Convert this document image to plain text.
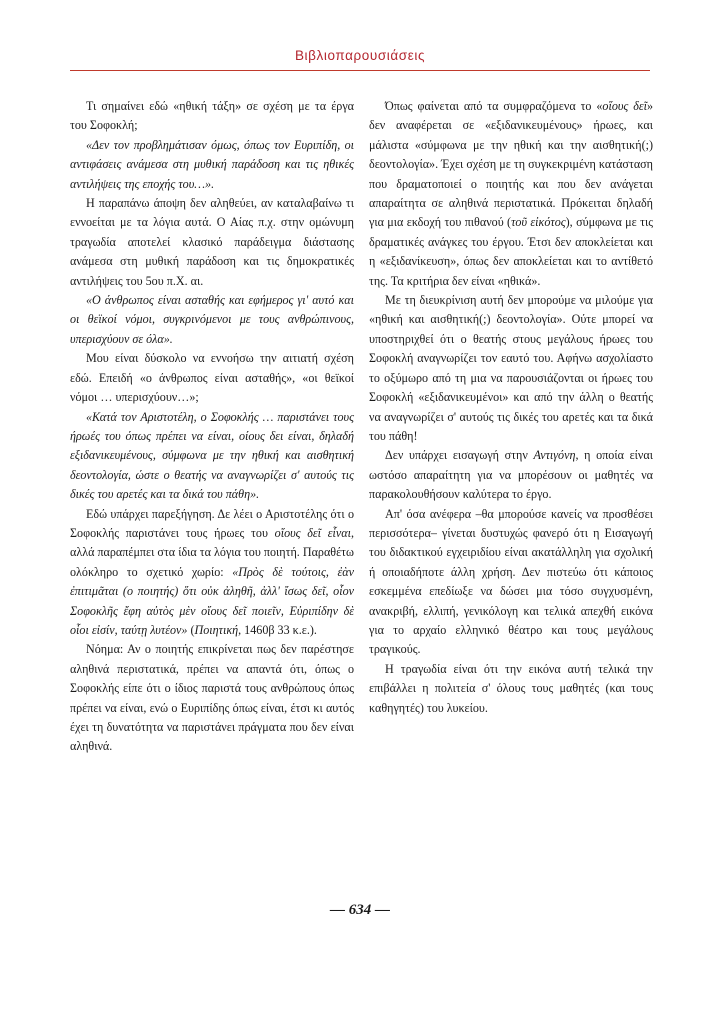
Βιβλιοπαρουσιάσεις

Τι σημαίνει εδώ «ηθική τάξη» σε σχέση με τα έργα του Σοφοκλή;

«Δεν τον προβλημάτισαν όμως, όπως τον Ευριπίδη, οι αντιφάσεις ανάμεσα στη μυθική παράδοση και τις ηθικές αντιλήψεις της εποχής του…».

Η παραπάνω άποψη δεν αληθεύει, αν καταλαβαίνω τι εννοείται με τα λόγια αυτά. Ο Αίας π.χ. στην ομώνυμη τραγωδία αποτελεί κλασικό παράδειγμα διάστασης ανάμεσα στη μυθική παράδοση και τις δημοκρατικές αντιλήψεις του 5ου π.Χ. αι.

«Ο άνθρωπος είναι ασταθής και εφήμερος γι' αυτό και οι θεϊκοί νόμοι, συγκρινόμενοι με τους ανθρώπινους, υπερισχύουν σε όλα».

Μου είναι δύσκολο να εννοήσω την αιτιατή σχέση εδώ. Επειδή «ο άνθρωπος είναι ασταθής», «οι θεϊκοί νόμοι … υπερισχύουν…»;

«Κατά τον Αριστοτέλη, ο Σοφοκλής … παριστάνει τους ήρωές του όπως πρέπει να είναι, οίους δει είναι, δηλαδή εξιδανικευμένους, σύμφωνα με την ηθική και αισθητική δεοντολογία, ώστε ο θεατής να αναγνωρίζει σ' αυτούς τις δικές του αρετές και τα δικά του πάθη».

Εδώ υπάρχει παρεξήγηση. Δε λέει ο Αριστοτέλης ότι ο Σοφοκλής παριστάνει τους ήρωες του οἵους δεῖ εἶναι, αλλά παραπέμπει στα ίδια τα λόγια του ποιητή. Παραθέτω ολόκληρο το σχετικό χωρίο: «Πρὸς δὲ τούτοις, ἐὰν ἐπιτιμᾶται (ο ποιητής) ὅτι οὐκ ἀληθῆ, ἀλλ' ἴσως δεῖ, οἷον Σοφοκλῆς ἔφη αὐτὸς μὲν οἵους δεῖ ποιεῖν, Εὐριπίδην δὲ οἷοι εἰσίν, ταύτῃ λυτέον» (Ποιητική, 1460β 33 κ.ε.).

Νόημα: Αν ο ποιητής επικρίνεται πως δεν παρέστησε αληθινά περιστατικά, πρέπει να απαντά ότι, όπως ο Σοφοκλής είπε ότι ο ίδιος παριστά τους ανθρώπους όπως πρέπει να είναι, ενώ ο Ευριπίδης όπως είναι, έτσι κι αυτός έχει τη δυνατότητα να παριστάνει πράγματα που δεν είναι αληθινά.

Όπως φαίνεται από τα συμφραζόμενα το «οἵους δεῖ» δεν αναφέρεται σε «εξιδανικευμένους» ήρωες, και μάλιστα «σύμφωνα με την ηθική και την αισθητική(;) δεοντολογία». Έχει σχέση με τη συγκεκριμένη κατάσταση που δραματοποιεί ο ποιητής και που δεν ανάγεται απαραίτητα σε αληθινά περιστατικά. Πρόκειται δηλαδή για μια εκδοχή του πιθανού (τοῦ εἰκότος), σύμφωνα με τις δραματικές ανάγκες του έργου. Έτσι δεν αποκλείεται και η «εξιδανίκευση», όπως δεν αποκλείεται και το αντίθετό της. Τα κριτήρια δεν είναι «ηθικά».

Με τη διευκρίνιση αυτή δεν μπορούμε να μιλούμε για «ηθική και αισθητική(;) δεοντολογία». Ούτε μπορεί να υποστηριχθεί ότι ο θεατής στους μεγάλους ήρωες του Σοφοκλή αναγνωρίζει τον εαυτό του. Αφήνω ασχολίαστο το οξύμωρο από τη μια να παρουσιάζονται οι ήρωες του Σοφοκλή «εξιδανικευμένοι» και από την άλλη ο θεατής να αναγνωρίζει σ' αυτούς τις δικές του αρετές και τα δικά του πάθη!

Δεν υπάρχει εισαγωγή στην Αντιγόνη, η οποία είναι ωστόσο απαραίτητη για να μπορέσουν οι μαθητές να παρακολουθήσουν καλύτερα το έργο.

Απ' όσα ανέφερα –θα μπορούσε κανείς να προσθέσει περισσότερα– γίνεται δυστυχώς φανερό ότι η Εισαγωγή του διδακτικού εγχειριδίου είναι ακατάλληλη για σχολική ή οποιαδήποτε άλλη χρήση. Δεν πιστεύω ότι κάποιος εσκεμμένα επεδίωξε να δώσει μια τόσο συγχυσμένη, ανακριβή, ελλιπή, γενικόλογη και τελικά απεχθή εικόνα για το αρχαίο ελληνικό θέατρο και τους μεγάλους τραγικούς.

Η τραγωδία είναι ότι την εικόνα αυτή τελικά την επιβάλλει η πολιτεία σ' όλους τους μαθητές (και τους καθηγητές) του λυκείου.

— 634 —
